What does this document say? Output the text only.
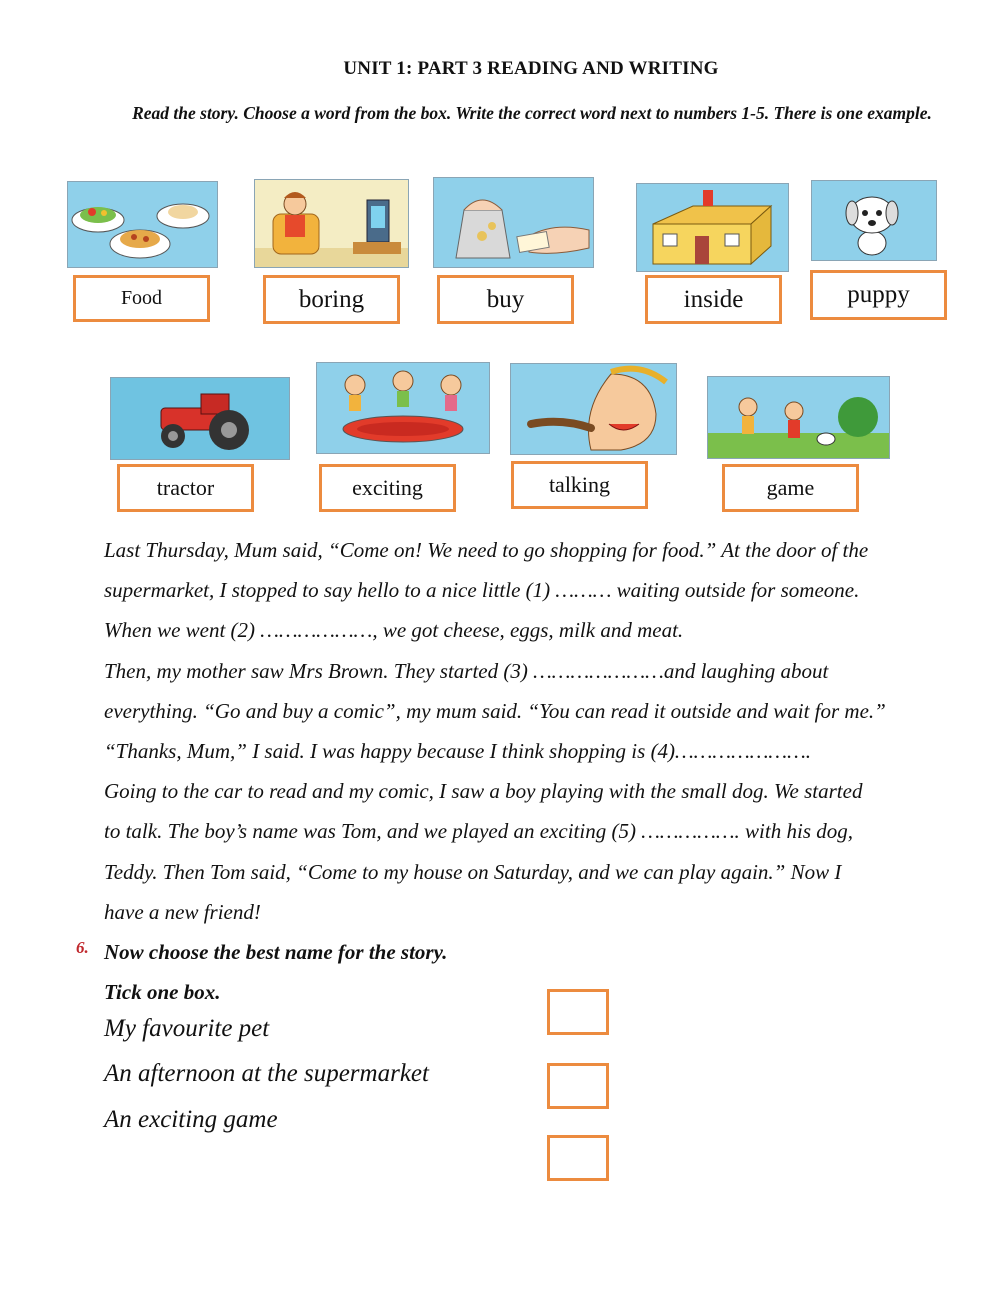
UNIT 1: PART 3 READING AND WRITING
Read the story. Choose a word from the box. Write the correct word next to numbers 1-5. There is one example.
Food	boring	buy	inside	puppy
tractor	exciting	talking	game

Last Thursday, Mum said, “Come on! We need to go shopping for food.” At the door of the

supermarket, I stopped to say hello to a nice little (1) ……… waiting outside for someone.

When we went (2) ………………, we got cheese, eggs, milk and meat.

Then, my mother saw Mrs Brown. They started (3) …………………and laughing about

everything. “Go and buy a comic”, my mum said. “You can read it outside and wait for me.”

“Thanks, Mum,” I said. I was happy because I think shopping is (4)………………….

Going to the car to read and my comic, I saw a boy playing with the small dog. We started

to talk. The boy’s name was Tom, and we played an exciting (5) ……………. with his dog,

Teddy. Then Tom said, “Come to my house on Saturday, and we can play again.” Now I

have a new friend!

6. Now choose the best name for the story.
Tick one box.
My favourite pet
An afternoon at the supermarket
An exciting game
